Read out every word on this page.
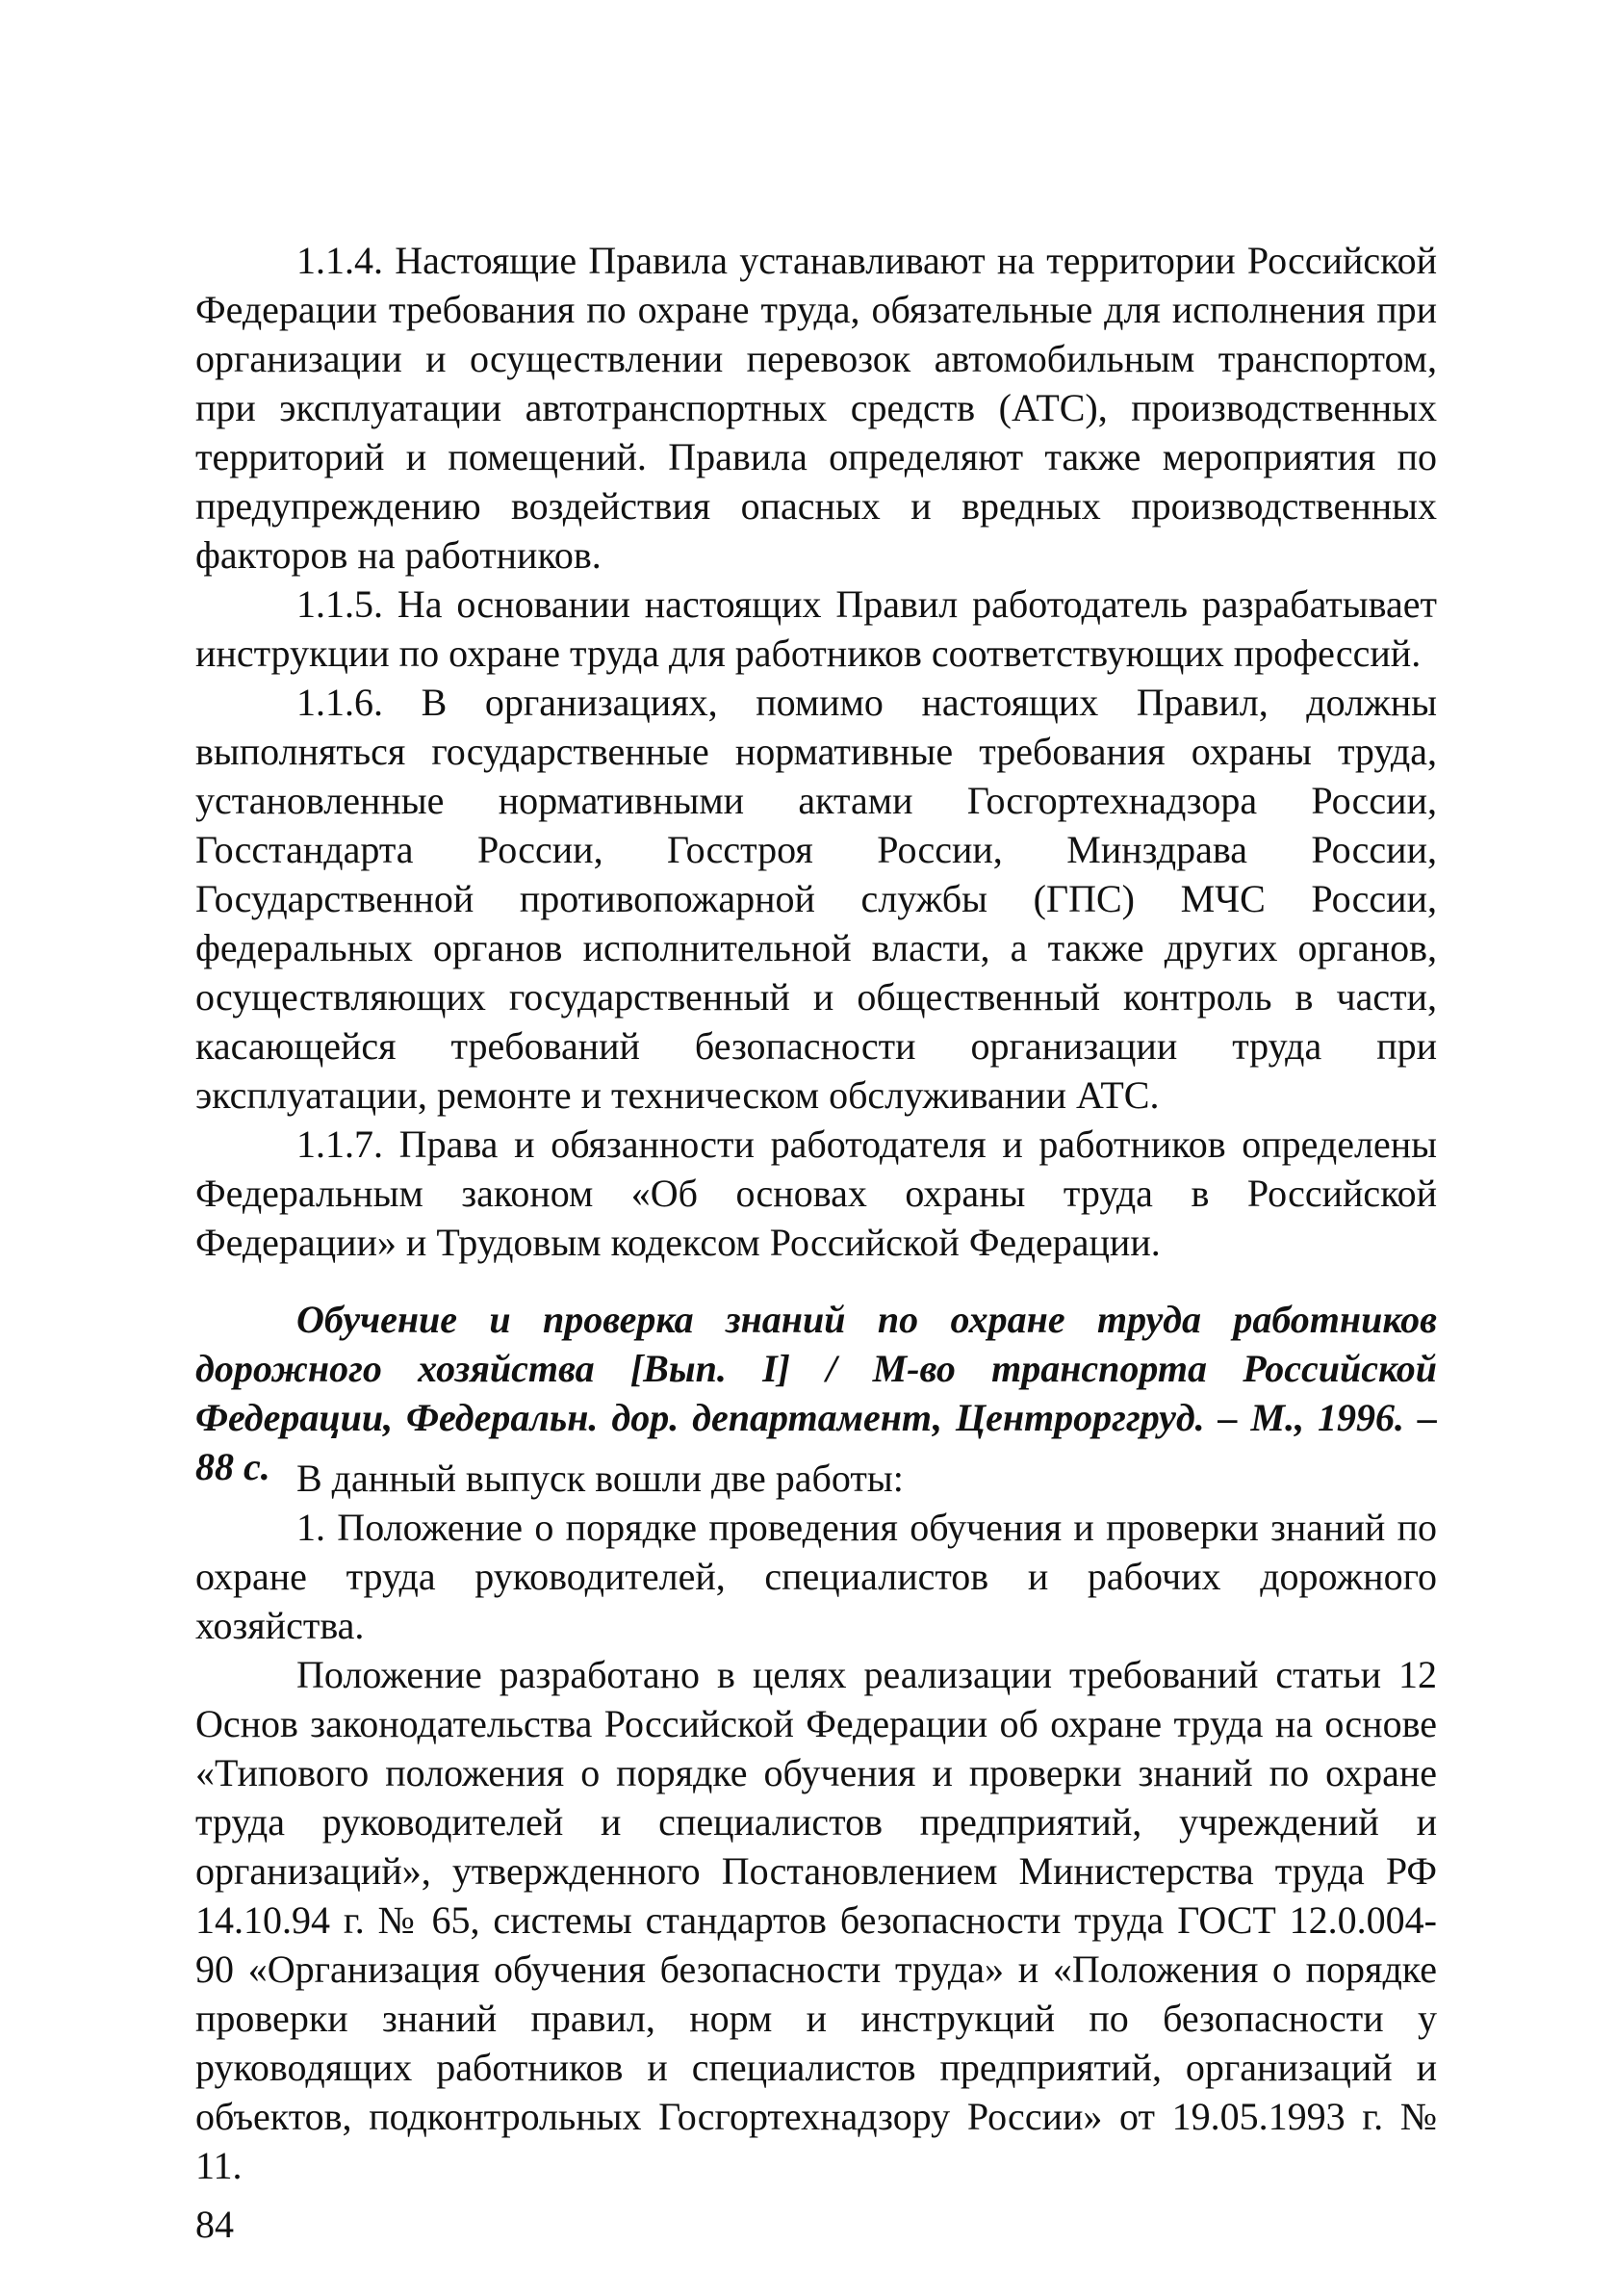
1.1.4. Настоящие Правила устанавливают на территории Российской Федерации требования по охране труда, обязательные для исполнения при организации и осуществлении перевозок автомобильным транспортом, при эксплуатации автотранспортных средств (АТС), производственных территорий и помещений. Правила определяют также мероприятия по предупреждению воздействия опасных и вредных производственных факторов на работников.

1.1.5. На основании настоящих Правил работодатель разрабатывает инструкции по охране труда для работников соответствующих профессий.

1.1.6. В организациях, помимо настоящих Правил, должны выполняться государственные нормативные требования охраны труда, установленные нормативными актами Госгортехнадзора России, Госстандарта России, Госстроя России, Минздрава России, Государственной противопожарной службы (ГПС) МЧС России, федеральных органов исполнительной власти, а также других органов, осуществляющих государственный и общественный контроль в части, касающейся требований безопасности организации труда при эксплуатации, ремонте и техническом обслуживании АТС.

1.1.7. Права и обязанности работодателя и работников определены Федеральным законом «Об основах охраны труда в Российской Федерации» и Трудовым кодексом Российской Федерации.

Обучение и проверка знаний по охране труда работников дорожного хозяйства [Вып. I] / М-во транспорта Российской Федерации, Федеральн. дор. департамент, Центрорггруд. – М., 1996. – 88 с. В данный выпуск вошли две работы:

1. Положение о порядке проведения обучения и проверки знаний по охране труда руководителей, специалистов и рабочих дорожного хозяйства.

Положение разработано в целях реализации требований статьи 12 Основ законодательства Российской Федерации об охране труда на основе «Типового положения о порядке обучения и проверки знаний по охране труда руководителей и специалистов предприятий, учреждений и организаций», утвержденного Постановлением Министерства труда РФ 14.10.94 г. № 65, системы стандартов безопасности труда ГОСТ 12.0.004-90 «Организация обучения безопасности труда» и «Положения о порядке проверки знаний правил, норм и инструкций по безопасности у руководящих работников и специалистов предприятий, организаций и объектов, подконтрольных Госгортехнадзору России» от 19.05.1993 г. № 11.

84
